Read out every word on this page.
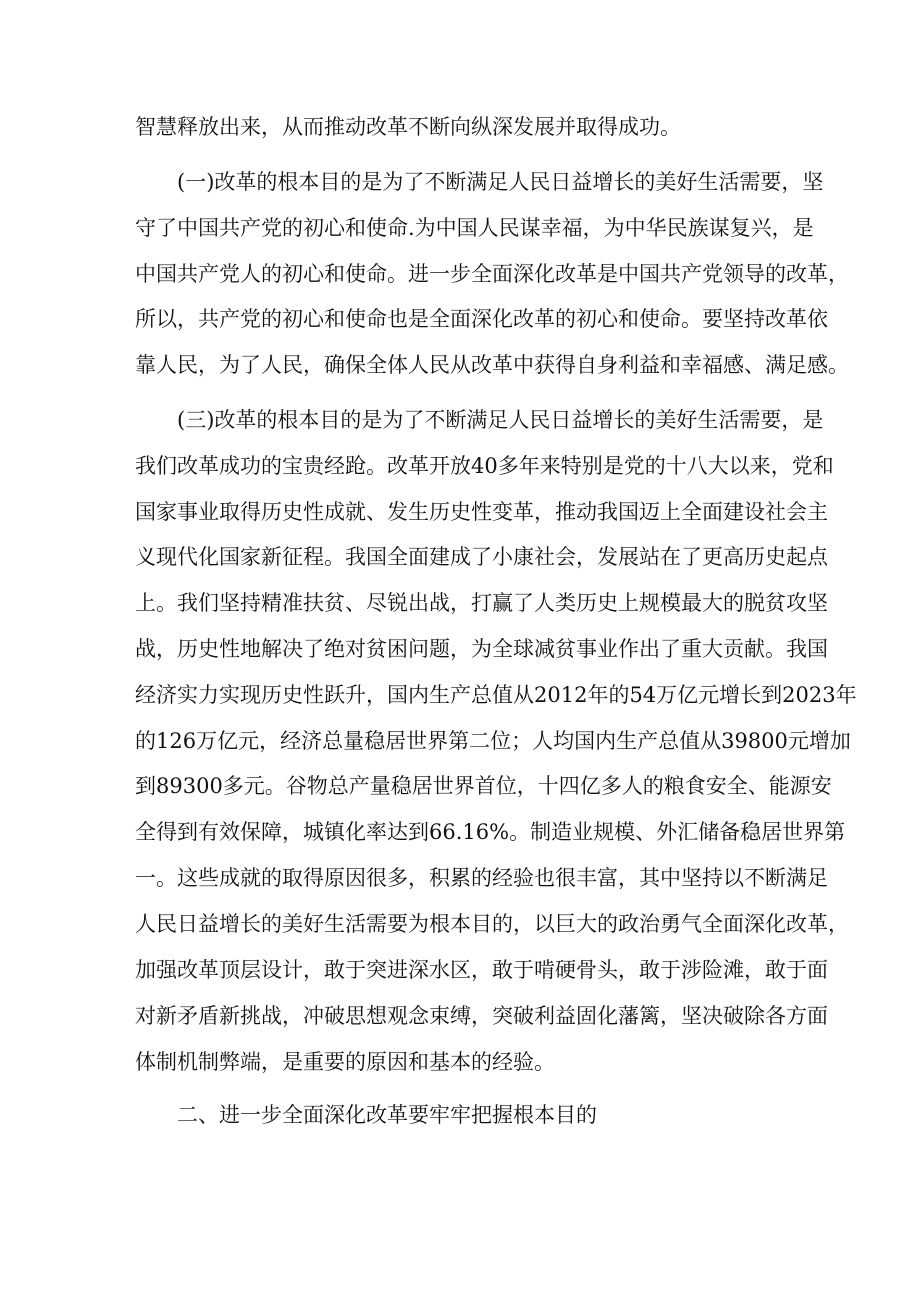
智慧释放出来，从而推动改革不断向纵深发展并取得成功。

(一)改革的根本目的是为了不断满足人民日益增长的美好生活需要，坚

守了中国共产党的初心和使命.为中国人民谋幸福，为中华民族谋复兴，是

中国共产党人的初心和使命。进一步全面深化改革是中国共产党领导的改革，

所以，共产党的初心和使命也是全面深化改革的初心和使命。要坚持改革依

靠人民，为了人民，确保全体人民从改革中获得自身利益和幸福感、满足感。

(三)改革的根本目的是为了不断满足人民日益增长的美好生活需要，是

我们改革成功的宝贵经跄。改革开放40多年来特别是党的十八大以来，党和

国家事业取得历史性成就、发生历史性变革，推动我国迈上全面建设社会主

义现代化国家新征程。我国全面建成了小康社会，发展站在了更高历史起点

上。我们坚持精准扶贫、尽锐出战，打赢了人类历史上规模最大的脱贫攻坚

战，历史性地解决了绝对贫困问题，为全球减贫事业作出了重大贡献。我国

经济实力实现历史性跃升，国内生产总值从2012年的54万亿元增长到2023年

的126万亿元，经济总量稳居世界第二位；人均国内生产总值从39800元增加

到89300多元。谷物总产量稳居世界首位，十四亿多人的粮食安全、能源安

全得到有效保障，城镇化率达到66.16%。制造业规模、外汇储备稳居世界第

一。这些成就的取得原因很多，积累的经验也很丰富，其中坚持以不断满足

人民日益增长的美好生活需要为根本目的，以巨大的政治勇气全面深化改革，

加强改革顶层设计，敢于突进深水区，敢于啃硬骨头，敢于涉险滩，敢于面

对新矛盾新挑战，冲破思想观念束缚，突破利益固化藩篱，坚决破除各方面

体制机制弊端，是重要的原因和基本的经验。

二、进一步全面深化改革要牢牢把握根本目的
